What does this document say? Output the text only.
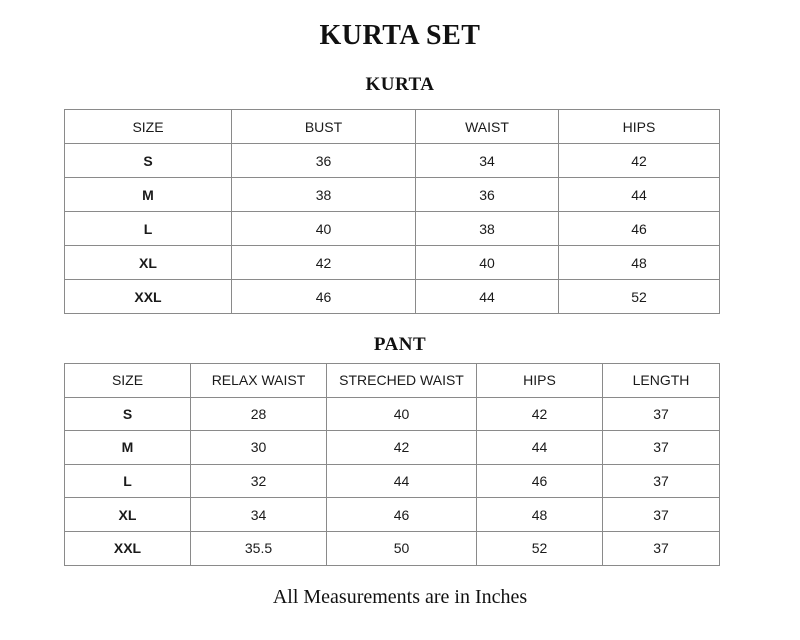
KURTA SET
KURTA
SIZE	BUST	WAIST	HIPS
S	36	34	42
M	38	36	44
L	40	38	46
XL	42	40	48
XXL	46	44	52
PANT
SIZE	RELAX WAIST	STRECHED WAIST	HIPS	LENGTH
S	28	40	42	37
M	30	42	44	37
L	32	44	46	37
XL	34	46	48	37
XXL	35.5	50	52	37
All Measurements are in Inches
